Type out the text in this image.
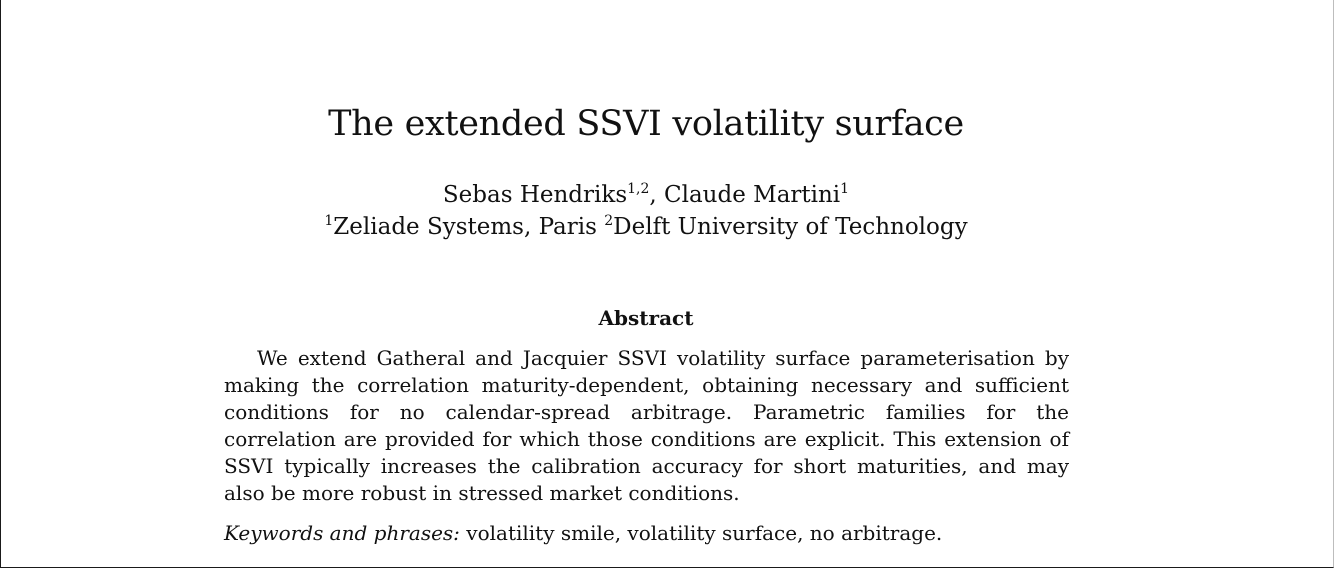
The extended SSVI volatility surface
Sebas Hendriks$^{1,2}$, Claude Martini$^1$
$^1$Zeliade Systems, Paris $^2$Delft University of Technology
Abstract

We extend Gatheral and Jacquier SSVI volatility surface parameterisation by making the correlation maturity-dependent, obtaining necessary and sufficient conditions for no calendar-spread arbitrage. Parametric families for the correlation are provided for which those conditions are explicit. This extension of SSVI typically increases the calibration accuracy for short maturities, and may also be more robust in stressed market conditions.

Keywords and phrases: volatility smile, volatility surface, no arbitrage.
